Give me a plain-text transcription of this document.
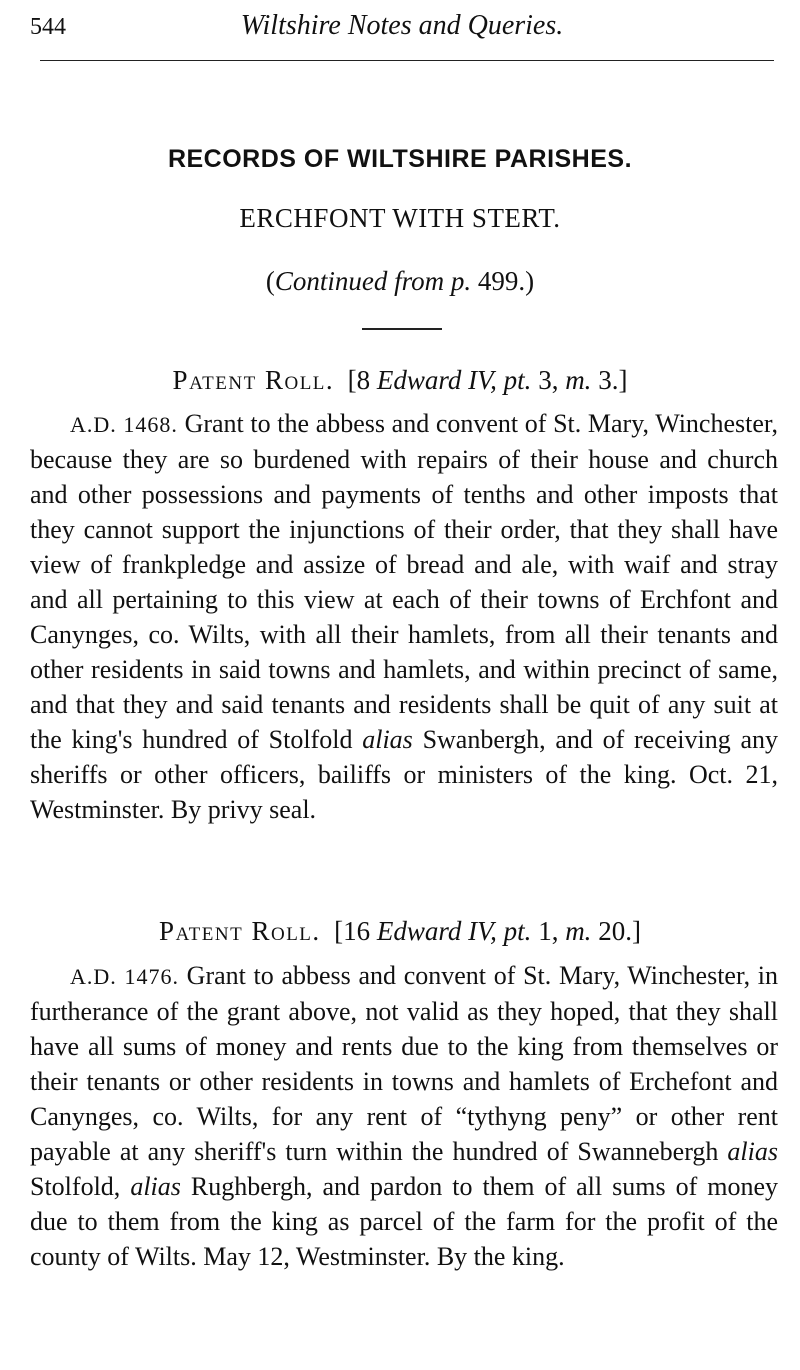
544	Wiltshire Notes and Queries.
RECORDS OF WILTSHIRE PARISHES.
ERCHFONT WITH STERT.
(Continued from p. 499.)
Patent Roll.  [8 Edward IV, pt. 3, m. 3.]

A.D. 1468. Grant to the abbess and convent of St. Mary, Winchester, because they are so burdened with repairs of their house and church and other possessions and payments of tenths and other imposts that they cannot support the injunctions of their order, that they shall have view of frankpledge and assize of bread and ale, with waif and stray and all pertaining to this view at each of their towns of Erchfont and Canynges, co. Wilts, with all their hamlets, from all their tenants and other residents in said towns and hamlets, and within precinct of same, and that they and said tenants and residents shall be quit of any suit at the king's hundred of Stolfold alias Swanbergh, and of receiving any sheriffs or other officers, bailiffs or ministers of the king. Oct. 21, Westminster. By privy seal.

Patent Roll.  [16 Edward IV, pt. 1, m. 20.]

A.D. 1476. Grant to abbess and convent of St. Mary, Winchester, in furtherance of the grant above, not valid as they hoped, that they shall have all sums of money and rents due to the king from themselves or their tenants or other residents in towns and hamlets of Erchefont and Canynges, co. Wilts, for any rent of “tythyng peny” or other rent payable at any sheriff's turn within the hundred of Swannebergh alias Stolfold, alias Rughbergh, and pardon to them of all sums of money due to them from the king as parcel of the farm for the profit of the county of Wilts. May 12, Westminster. By the king.
